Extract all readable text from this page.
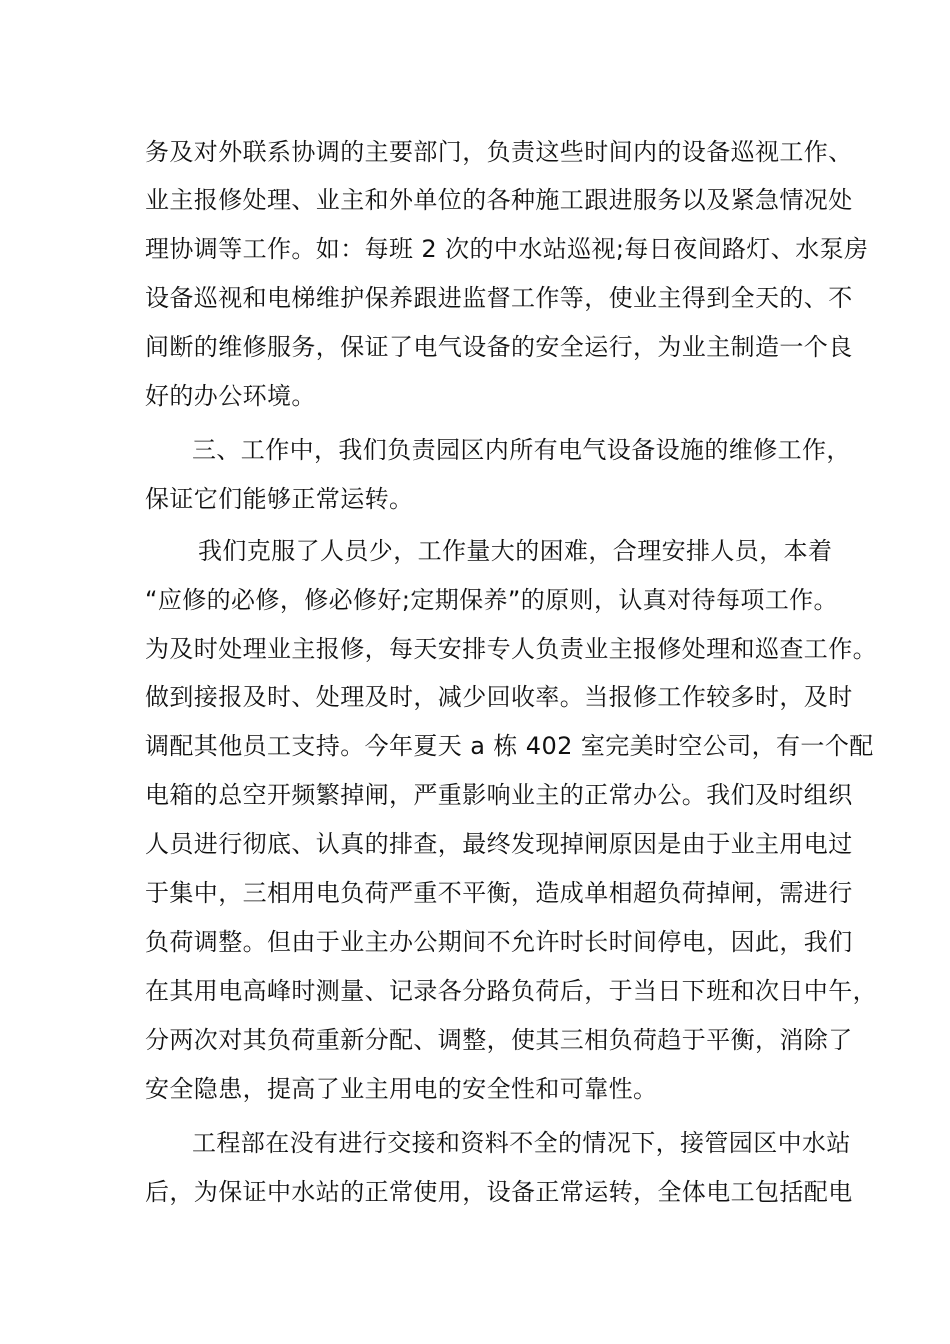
务及对外联系协调的主要部门，负责这些时间内的设备巡视工作、
业主报修处理、业主和外单位的各种施工跟进服务以及紧急情况处
理协调等工作。如：每班 2 次的中水站巡视;每日夜间路灯、水泵房
设备巡视和电梯维护保养跟进监督工作等，使业主得到全天的、不
间断的维修服务，保证了电气设备的安全运行，为业主制造一个良
好的办公环境。
三、工作中，我们负责园区内所有电气设备设施的维修工作，
保证它们能够正常运转。
我们克服了人员少，工作量大的困难，合理安排人员，本着
“应修的必修，修必修好;定期保养”的原则，认真对待每项工作。
为及时处理业主报修，每天安排专人负责业主报修处理和巡查工作。
做到接报及时、处理及时，减少回收率。当报修工作较多时，及时
调配其他员工支持。今年夏天 a 栋 402 室完美时空公司，有一个配
电箱的总空开频繁掉闸，严重影响业主的正常办公。我们及时组织
人员进行彻底、认真的排查，最终发现掉闸原因是由于业主用电过
于集中，三相用电负荷严重不平衡，造成单相超负荷掉闸，需进行
负荷调整。但由于业主办公期间不允许时长时间停电，因此，我们
在其用电高峰时测量、记录各分路负荷后，于当日下班和次日中午，
分两次对其负荷重新分配、调整，使其三相负荷趋于平衡，消除了
安全隐患，提高了业主用电的安全性和可靠性。
工程部在没有进行交接和资料不全的情况下，接管园区中水站
后，为保证中水站的正常使用，设备正常运转，全体电工包括配电
